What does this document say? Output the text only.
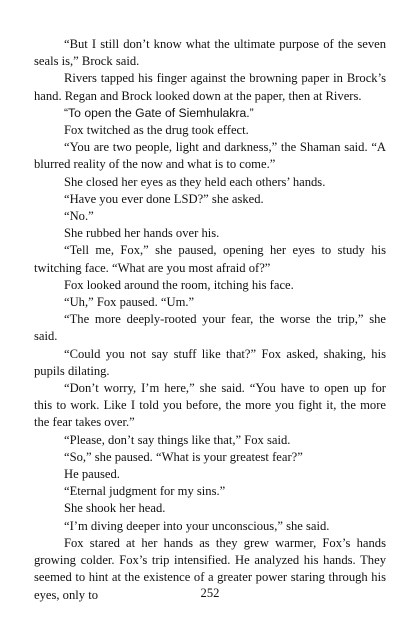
“But I still don’t know what the ultimate purpose of the seven seals is,” Brock said.

Rivers tapped his finger against the browning paper in Brock’s hand. Regan and Brock looked down at the paper, then at Rivers.

“To open the Gate of Siemhulakra.”

Fox twitched as the drug took effect.

“You are two people, light and darkness,” the Shaman said. “A blurred reality of the now and what is to come.”

She closed her eyes as they held each others’ hands.

“Have you ever done LSD?” she asked.

“No.”

She rubbed her hands over his.

“Tell me, Fox,” she paused, opening her eyes to study his twitching face. “What are you most afraid of?”

Fox looked around the room, itching his face.

“Uh,” Fox paused. “Um.”

“The more deeply-rooted your fear, the worse the trip,” she said.

“Could you not say stuff like that?” Fox asked, shaking, his pupils dilating.

“Don’t worry, I’m here,” she said. “You have to open up for this to work. Like I told you before, the more you fight it, the more the fear takes over.”

“Please, don’t say things like that,” Fox said.

“So,” she paused. “What is your greatest fear?”

He paused.

“Eternal judgment for my sins.”

She shook her head.

“I’m diving deeper into your unconscious,” she said.

Fox stared at her hands as they grew warmer, Fox’s hands growing colder. Fox’s trip intensified. He analyzed his hands. They seemed to hint at the existence of a greater power staring through his eyes, only to	252
